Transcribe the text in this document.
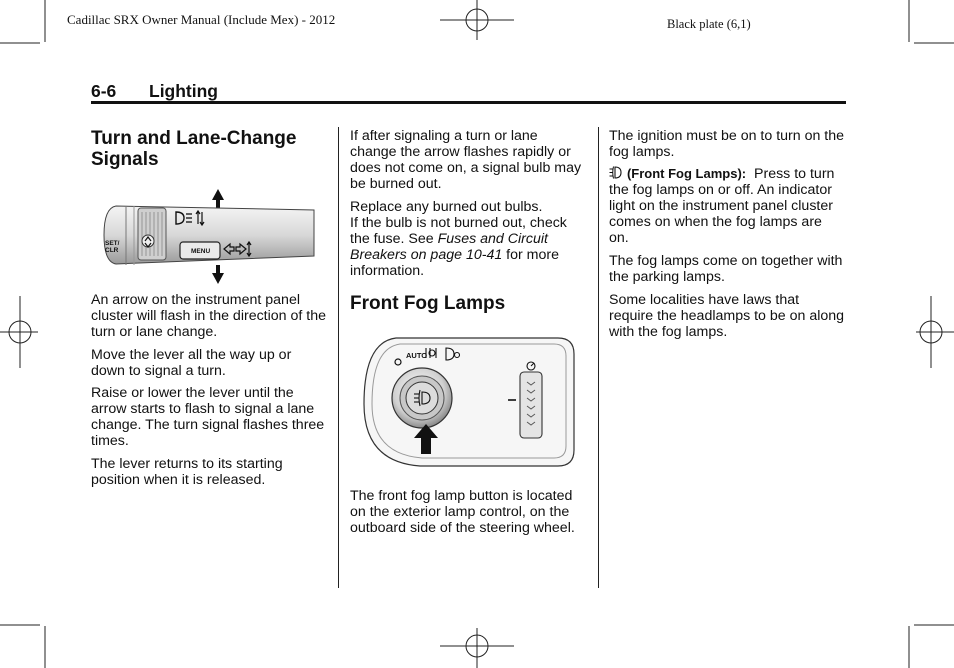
Cadillac SRX Owner Manual (Include Mex) - 2012	Black plate (6,1)
6-6 Lighting
Turn and Lane-Change
Signals
SET/
CLR	MENU
An arrow on the instrument panel cluster will flash in the direction of the turn or lane change.
Move the lever all the way up or down to signal a turn.
Raise or lower the lever until the arrow starts to flash to signal a lane change. The turn signal flashes three times.
The lever returns to its starting position when it is released.
If after signaling a turn or lane change the arrow flashes rapidly or does not come on, a signal bulb may be burned out.
Replace any burned out bulbs.
If the bulb is not burned out, check the fuse. See Fuses and Circuit Breakers on page 10-41 for more information.
Front Fog Lamps
AUTO
The front fog lamp button is located on the exterior lamp control, on the outboard side of the steering wheel.
The ignition must be on to turn on the fog lamps.
(Front Fog Lamps): Press to turn the fog lamps on or off. An indicator light on the instrument panel cluster comes on when the fog lamps are on.
The fog lamps come on together with the parking lamps.
Some localities have laws that require the headlamps to be on along with the fog lamps.
